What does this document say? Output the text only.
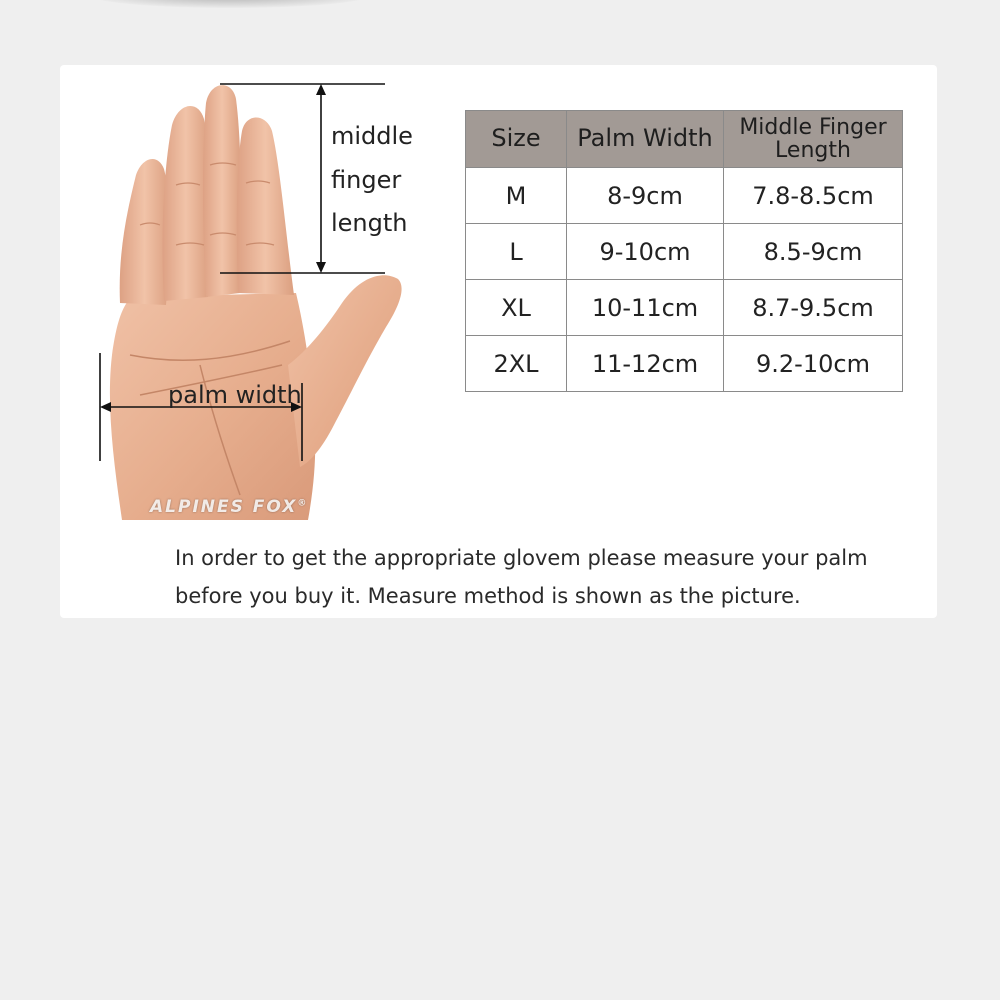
middle

finger

length

palm width

ALPINES FOX®
Size	Palm Width	Middle Finger
Length
M	8-9cm	7.8-8.5cm
L	9-10cm	8.5-9cm
XL	10-11cm	8.7-9.5cm
2XL	11-12cm	9.2-10cm

In order to get the appropriate glovem please measure your palm
before you buy it. Measure method is shown as the picture.
